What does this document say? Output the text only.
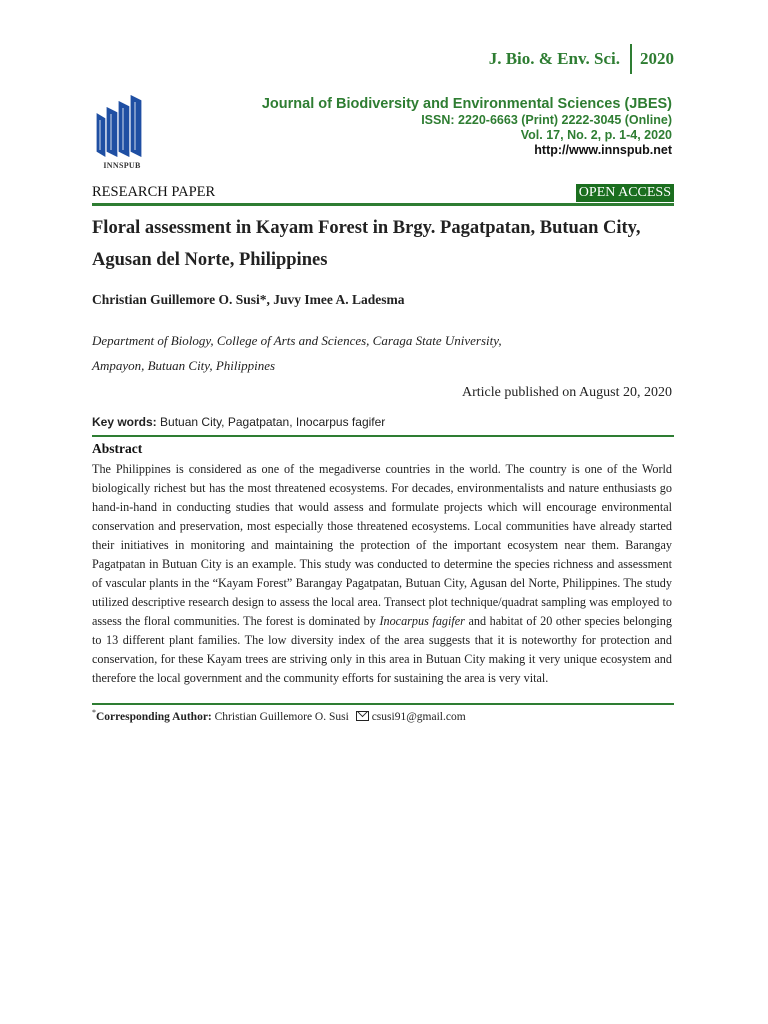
J. Bio. & Env. Sci. 2020
INNSPUB
Journal of Biodiversity and Environmental Sciences (JBES)
ISSN: 2220-6663 (Print) 2222-3045 (Online)
Vol. 17, No. 2, p. 1-4, 2020
http://www.innspub.net
RESEARCH PAPER	OPEN ACCESS
Floral assessment in Kayam Forest in Brgy. Pagatpatan, Butuan City, Agusan del Norte, Philippines
Christian Guillemore O. Susi*, Juvy Imee A. Ladesma
Department of Biology, College of Arts and Sciences, Caraga State University,
Ampayon, Butuan City, Philippines
Article published on August 20, 2020
Key words: Butuan City, Pagatpatan, Inocarpus fagifer
Abstract
The Philippines is considered as one of the megadiverse countries in the world. The country is one of the World biologically richest but has the most threatened ecosystems. For decades, environmentalists and nature enthusiasts go hand-in-hand in conducting studies that would assess and formulate projects which will encourage environmental conservation and preservation, most especially those threatened ecosystems. Local communities have already started their initiatives in monitoring and maintaining the protection of the important ecosystem near them. Barangay Pagatpatan in Butuan City is an example. This study was conducted to determine the species richness and assessment of vascular plants in the “Kayam Forest” Barangay Pagatpatan, Butuan City, Agusan del Norte, Philippines. The study utilized descriptive research design to assess the local area. Transect plot technique/quadrat sampling was employed to assess the floral communities. The forest is dominated by Inocarpus fagifer and habitat of 20 other species belonging to 13 different plant families. The low diversity index of the area suggests that it is noteworthy for protection and conservation, for these Kayam trees are striving only in this area in Butuan City making it very unique ecosystem and therefore the local government and the community efforts for sustaining the area is very vital.
*Corresponding Author: Christian Guillemore O. Susi csusi91@gmail.com
